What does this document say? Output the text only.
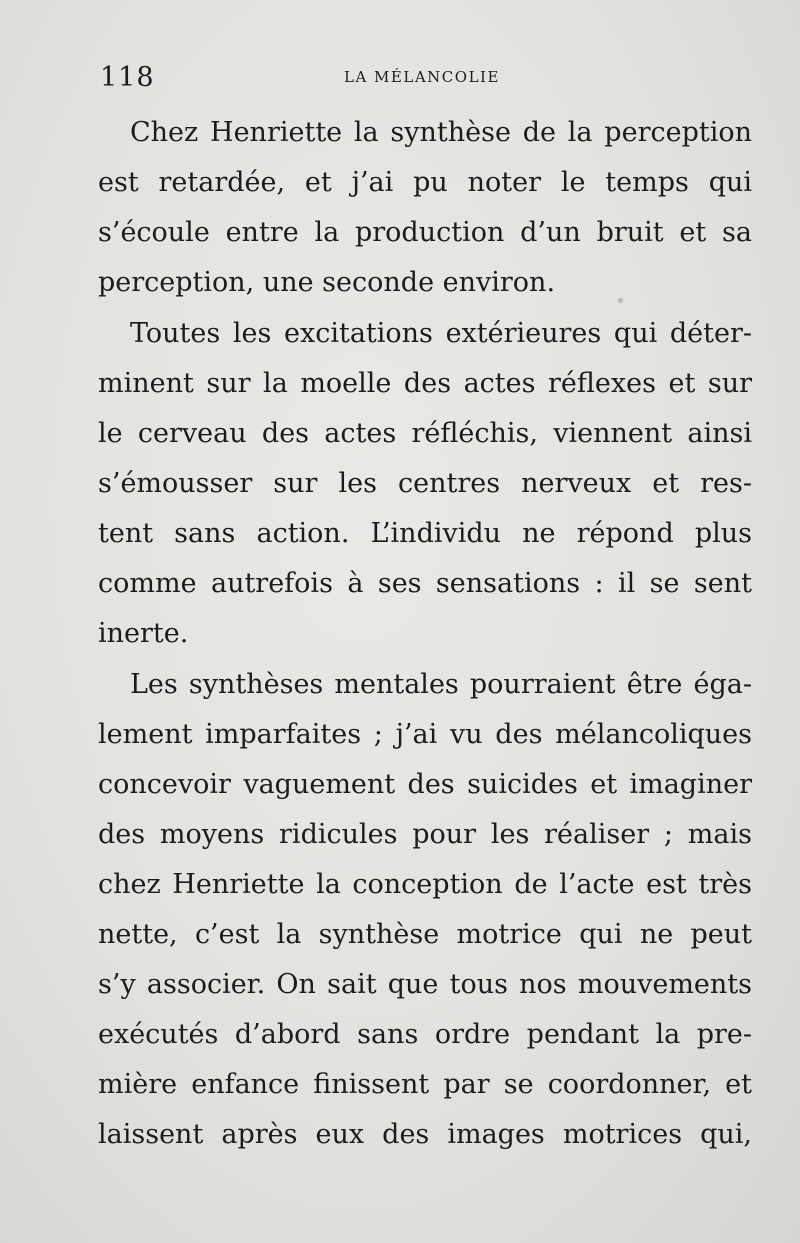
118	LA MÉLANCOLIE
Chez Henriette la synthèse de la perception
est retardée, et j’ai pu noter le temps qui
s’écoule entre la production d’un bruit et sa
perception, une seconde environ.
Toutes les excitations extérieures qui déter-
minent sur la moelle des actes réflexes et sur
le cerveau des actes réfléchis, viennent ainsi
s’émousser sur les centres nerveux et res-
tent sans action. L’individu ne répond plus
comme autrefois à ses sensations : il se sent
inerte.
Les synthèses mentales pourraient être éga-
lement imparfaites ; j’ai vu des mélancoliques
concevoir vaguement des suicides et imaginer
des moyens ridicules pour les réaliser ; mais
chez Henriette la conception de l’acte est très
nette, c’est la synthèse motrice qui ne peut
s’y associer. On sait que tous nos mouvements
exécutés d’abord sans ordre pendant la pre-
mière enfance finissent par se coordonner, et
laissent après eux des images motrices qui,
